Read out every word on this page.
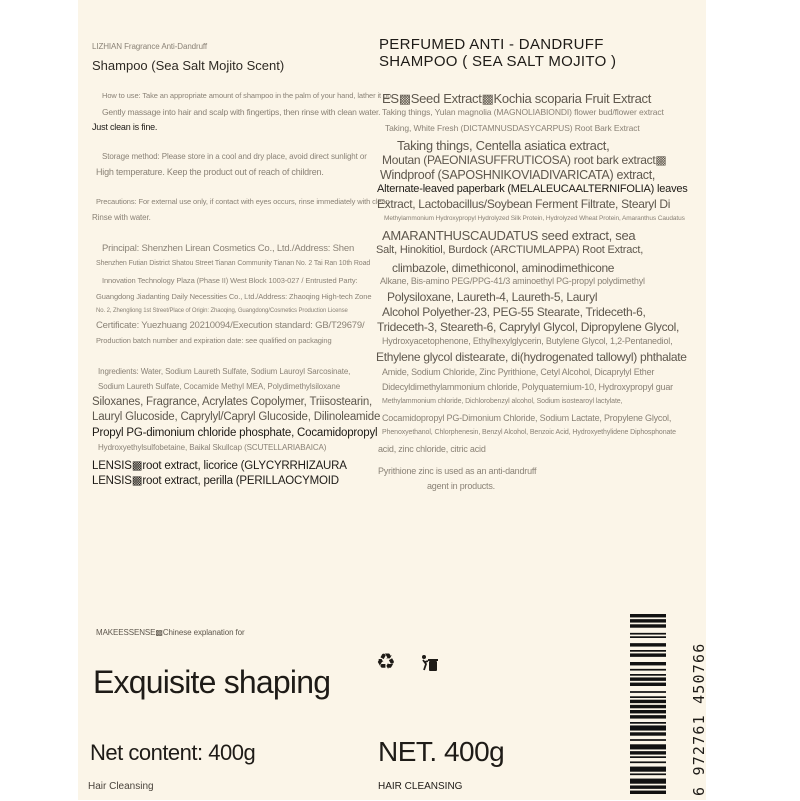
LIZHIAN Fragrance Anti-Dandruff
Shampoo (Sea Salt Mojito Scent)
How to use: Take an appropriate amount of shampoo in the palm of your hand, lather it up,
Gently massage into hair and scalp with fingertips, then rinse with clean water.
Just clean is fine.
Storage method: Please store in a cool and dry place, avoid direct sunlight or
High temperature. Keep the product out of reach of children.
Precautions: For external use only, if contact with eyes occurs, rinse immediately with clean
Rinse with water.
Principal: Shenzhen Lirean Cosmetics Co., Ltd./Address: Shen
Shenzhen Futian District Shatou Street Tianan Community Tianan No. 2 Tai Ran 10th Road
Innovation Technology Plaza (Phase II) West Block 1003-027 / Entrusted Party:
Guangdong Jiadanting Daily Necessities Co., Ltd./Address: Zhaoqing High-tech Zone
No. 2, Zhengliong 1st Street/Place of Origin: Zhaoqing, Guangdong/Cosmetics Production License
Certificate: Yuezhuang 20210094/Execution standard: GB/T29679/
Production batch number and expiration date: see qualified on packaging
Ingredients: Water, Sodium Laureth Sulfate, Sodium Lauroyl Sarcosinate,
Sodium Laureth Sulfate, Cocamide Methyl MEA, Polydimethylsiloxane
Siloxanes, Fragrance, Acrylates Copolymer, Triisostearin,
Lauryl Glucoside, Caprylyl/Capryl Glucoside, Dilinoleamide
Propyl PG-dimonium chloride phosphate, Cocamidopropyl
Hydroxyethylsulfobetaine, Baikal Skullcap (SCUTELLARIABAICA)
LENSIS▩root extract, licorice (GLYCYRRHIZAURA
LENSIS▩root extract, perilla (PERILLAOCYMOID
MAKEESSENSE▩Chinese explanation for
♻
Exquisite shaping
Net content: 400g
Hair Cleansing
PERFUMED ANTI - DANDRUFF
SHAMPOO ( SEA SALT MOJITO )
ES▩Seed Extract▩Kochia scoparia Fruit Extract
Taking things, Yulan magnolia (MAGNOLIABIONDI) flower bud/flower extract
Taking, White Fresh (DICTAMNUSDASYCARPUS) Root Bark Extract
Taking things, Centella asiatica extract,
Moutan (PAEONIASUFFRUTICOSA) root bark extract▩
Windproof (SAPOSHNIKOVIADIVARICATA) extract,
Alternate-leaved paperbark (MELALEUCAALTERNIFOLIA) leaves
Extract, Lactobacillus/Soybean Ferment Filtrate, Stearyl Di
Methylammonium Hydroxypropyl Hydrolyzed Silk Protein, Hydrolyzed Wheat Protein, Amaranthus Caudatus
AMARANTHUSCAUDATUS seed extract, sea
Salt, Hinokitiol, Burdock (ARCTIUMLAPPA) Root Extract,
climbazole, dimethiconol, aminodimethicone
Alkane, Bis-amino PEG/PPG-41/3 aminoethyl PG-propyl polydimethyl
Polysiloxane, Laureth-4, Laureth-5, Lauryl
Alcohol Polyether-23, PEG-55 Stearate, Trideceth-6,
Trideceth-3, Steareth-6, Caprylyl Glycol, Dipropylene Glycol,
Hydroxyacetophenone, Ethylhexylglycerin, Butylene Glycol, 1,2-Pentanediol,
Ethylene glycol distearate, di(hydrogenated tallowyl) phthalate
Amide, Sodium Chloride, Zinc Pyrithione, Cetyl Alcohol, Dicaprylyl Ether
Didecyldimethylammonium chloride, Polyquaternium-10, Hydroxypropyl guar
Methylammonium chloride, Dichlorobenzyl alcohol, Sodium isostearoyl lactylate,
Cocamidopropyl PG-Dimonium Chloride, Sodium Lactate, Propylene Glycol,
Phenoxyethanol, Chlorphenesin, Benzyl Alcohol, Benzoic Acid, Hydroxyethylidene Diphosphonate
acid, zinc chloride, citric acid
Pyrithione zinc is used as an anti-dandruff
agent in products.
NET. 400g
HAIR CLEANSING	6 972761 450766
